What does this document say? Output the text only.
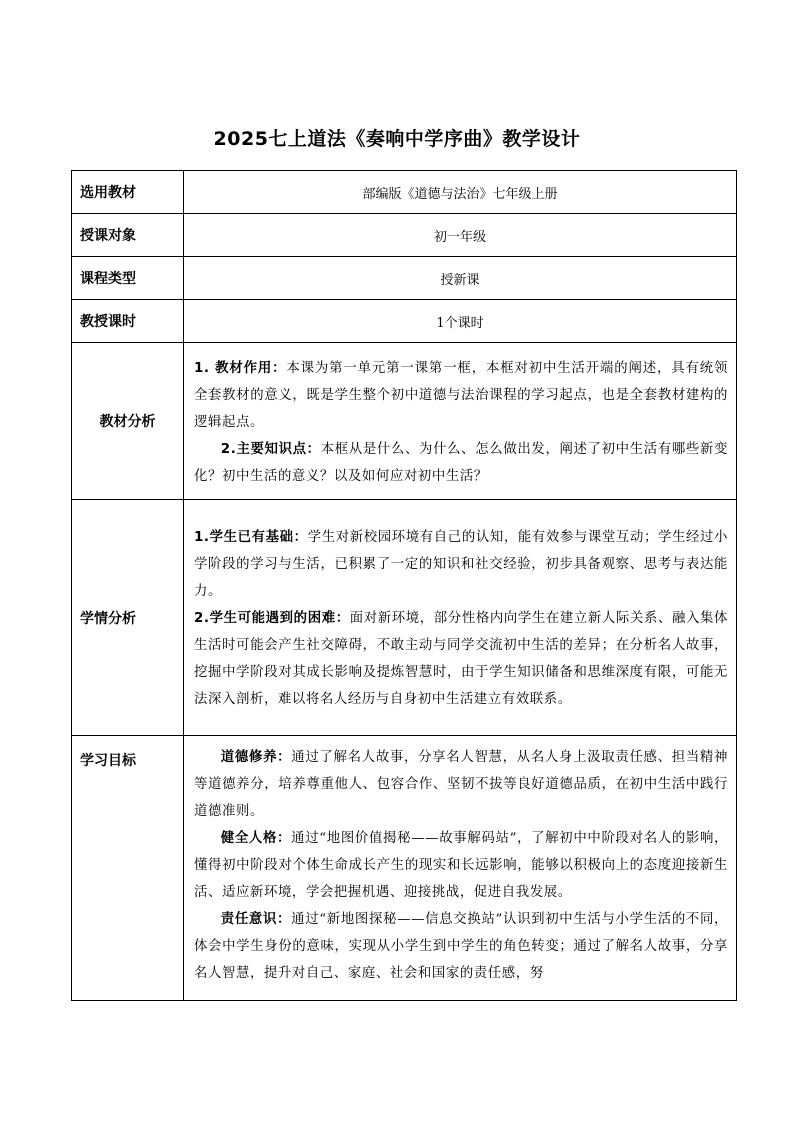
2025七上道法《奏响中学序曲》教学设计
选用教材	部编版《道德与法治》七年级上册
授课对象	初一年级
课程类型	授新课
教授课时	1个课时
教材分析	1. 教材作用：本课为第一单元第一课第一框，本框对初中生活开端的阐述，具有统领全套教材的意义，既是学生整个初中道德与法治课程的学习起点，也是全套教材建构的逻辑起点。

2.主要知识点：本框从是什么、为什么、怎么做出发，阐述了初中生活有哪些新变化？初中生活的意义？以及如何应对初中生活？

学情分析	1.学生已有基础：学生对新校园环境有自己的认知，能有效参与课堂互动；学生经过小学阶段的学习与生活，已积累了一定的知识和社交经验，初步具备观察、思考与表达能力。

2.学生可能遇到的困难：面对新环境，部分性格内向学生在建立新人际关系、融入集体生活时可能会产生社交障碍，不敢主动与同学交流初中生活的差异；在分析名人故事，挖掘中学阶段对其成长影响及提炼智慧时，由于学生知识储备和思维深度有限，可能无法深入剖析，难以将名人经历与自身初中生活建立有效联系。

学习目标	道德修养：通过了解名人故事，分享名人智慧，从名人身上汲取责任感、担当精神等道德养分，培养尊重他人、包容合作、坚韧不拔等良好道德品质，在初中生活中践行道德准则。

健全人格：通过“地图价值揭秘——故事解码站”，了解初中中阶段对名人的影响，懂得初中阶段对个体生命成长产生的现实和长远影响，能够以积极向上的态度迎接新生活、适应新环境，学会把握机遇、迎接挑战，促进自我发展。

责任意识：通过“新地图探秘——信息交换站”认识到初中生活与小学生活的不同，体会中学生身份的意味，实现从小学生到中学生的角色转变；通过了解名人故事，分享名人智慧，提升对自己、家庭、社会和国家的责任感，努
